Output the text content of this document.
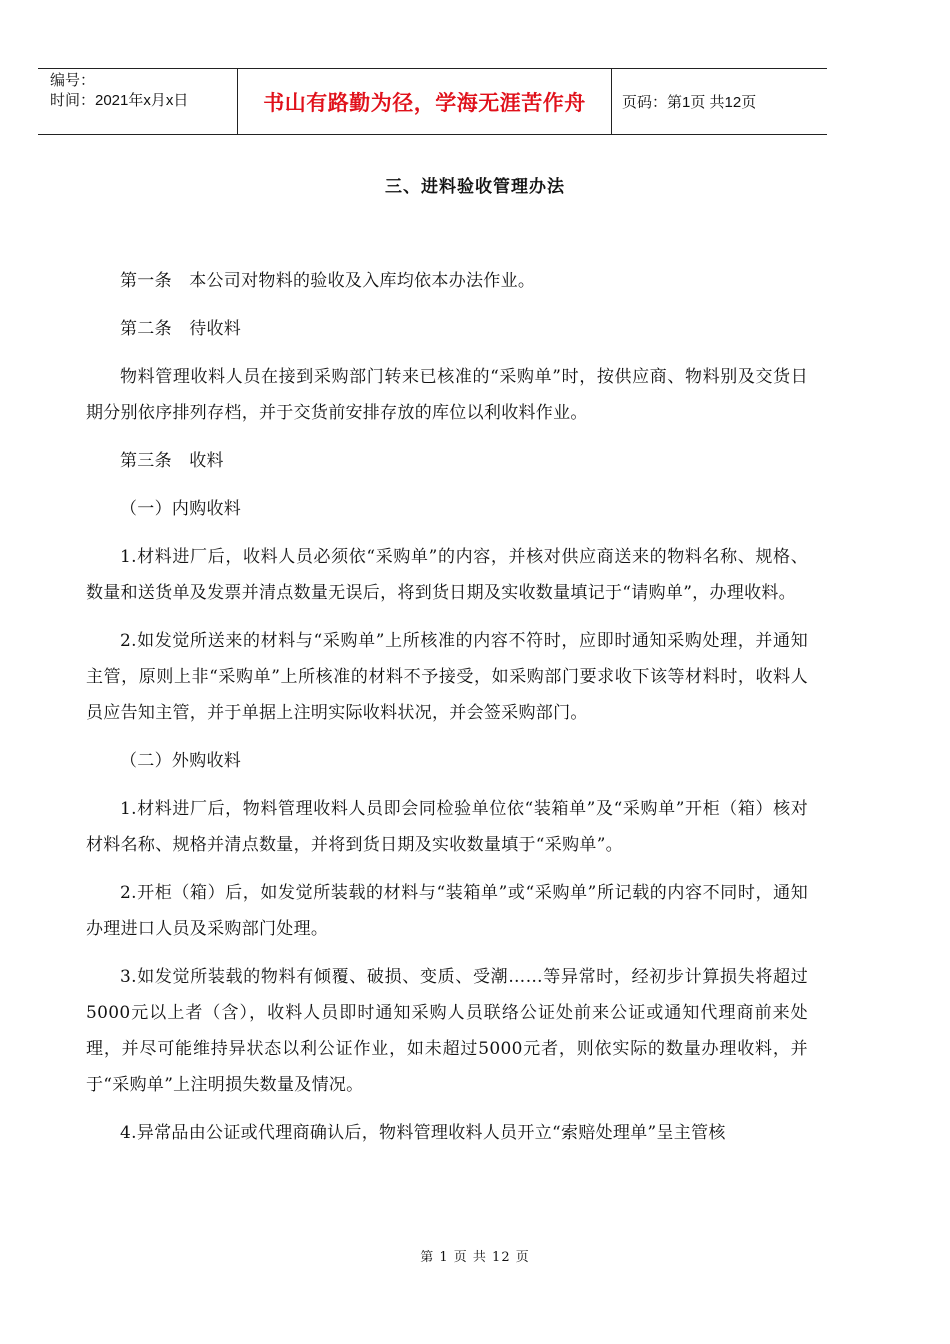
编号：
时间：2021年x月x日	书山有路勤为径，学海无涯苦作舟	页码：第1页 共12页
三、进料验收管理办法

第一条　本公司对物料的验收及入库均依本办法作业。

第二条　待收料

物料管理收料人员在接到采购部门转来已核准的“采购单”时，按供应商、物料别及交货日期分别依序排列存档，并于交货前安排存放的库位以利收料作业。

第三条　收料

（一）内购收料

1.材料进厂后，收料人员必须依“采购单”的内容，并核对供应商送来的物料名称、规格、数量和送货单及发票并清点数量无误后，将到货日期及实收数量填记于“请购单”，办理收料。

2.如发觉所送来的材料与“采购单”上所核准的内容不符时，应即时通知采购处理，并通知主管，原则上非“采购单”上所核准的材料不予接受，如采购部门要求收下该等材料时，收料人员应告知主管，并于单据上注明实际收料状况，并会签采购部门。

（二）外购收料

1.材料进厂后，物料管理收料人员即会同检验单位依“装箱单”及“采购单”开柜（箱）核对材料名称、规格并清点数量，并将到货日期及实收数量填于“采购单”。

2.开柜（箱）后，如发觉所装载的材料与“装箱单”或“采购单”所记载的内容不同时，通知办理进口人员及采购部门处理。

3.如发觉所装载的物料有倾覆、破损、变质、受潮……等异常时，经初步计算损失将超过5000元以上者（含），收料人员即时通知采购人员联络公证处前来公证或通知代理商前来处理，并尽可能维持异状态以利公证作业，如未超过5000元者，则依实际的数量办理收料，并于“采购单”上注明损失数量及情况。

4.异常品由公证或代理商确认后，物料管理收料人员开立“索赔处理单”呈主管核

第 1 页 共 12 页
